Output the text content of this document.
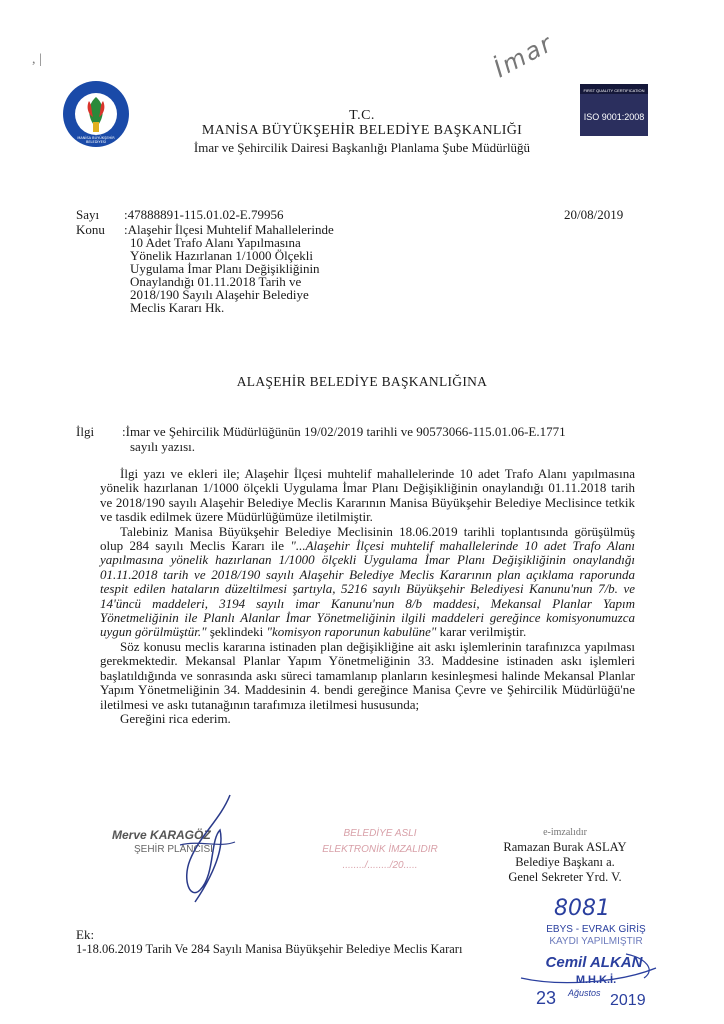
İmar
, |
MANİSA BÜYÜKŞEHİR BELEDİYESİ
FIRST QUALITY CERTIFICATION
ISO 9001:2008
T.C.
MANİSA BÜYÜKŞEHİR BELEDİYE BAŞKANLIĞI
İmar ve Şehircilik Dairesi Başkanlığı Planlama Şube Müdürlüğü
Sayı :47888891-115.01.02-E.79956	20/08/2019
Konu :Alaşehir İlçesi Muhtelif Mahallelerinde
10 Adet Trafo Alanı Yapılmasına
Yönelik Hazırlanan 1/1000 Ölçekli
Uygulama İmar Planı Değişikliğinin
Onaylandığı 01.11.2018 Tarih ve
2018/190 Sayılı Alaşehir Belediye
Meclis Kararı Hk.
ALAŞEHİR BELEDİYE BAŞKANLIĞINA
İlgi :İmar ve Şehircilik Müdürlüğünün 19/02/2019 tarihli ve 90573066-115.01.06-E.1771
sayılı yazısı.

İlgi yazı ve ekleri ile; Alaşehir İlçesi muhtelif mahallelerinde 10 adet Trafo Alanı yapılmasına yönelik hazırlanan 1/1000 ölçekli Uygulama İmar Planı Değişikliğinin onaylandığı 01.11.2018 tarih ve 2018/190 sayılı Alaşehir Belediye Meclis Kararının Manisa Büyükşehir Belediye Meclisince tetkik ve tasdik edilmek üzere Müdürlüğümüze iletilmiştir.

Talebiniz Manisa Büyükşehir Belediye Meclisinin 18.06.2019 tarihli toplantısında görüşülmüş olup 284 sayılı Meclis Kararı ile "...Alaşehir İlçesi muhtelif mahallelerinde 10 adet Trafo Alanı yapılmasına yönelik hazırlanan 1/1000 ölçekli Uygulama İmar Planı Değişikliğinin onaylandığı 01.11.2018 tarih ve 2018/190 sayılı Alaşehir Belediye Meclis Kararının plan açıklama raporunda tespit edilen hataların düzeltilmesi şartıyla, 5216 sayılı Büyükşehir Belediyesi Kanunu'nun 7/b. ve 14'üncü maddeleri, 3194 sayılı imar Kanunu'nun 8/b maddesi, Mekansal Planlar Yapım Yönetmeliğinin ile Planlı Alanlar İmar Yönetmeliğinin ilgili maddeleri gereğince komisyonumuzca uygun görülmüştür." şeklindeki "komisyon raporunun kabulüne" karar verilmiştir.

Söz konusu meclis kararına istinaden plan değişikliğine ait askı işlemlerinin tarafınızca yapılması gerekmektedir. Mekansal Planlar Yapım Yönetmeliğinin 33. Maddesine istinaden askı işlemleri başlatıldığında ve sonrasında askı süreci tamamlanıp planların kesinleşmesi halinde Mekansal Planlar Yapım Yönetmeliğinin 34. Maddesinin 4. bendi gereğince Manisa Çevre ve Şehircilik Müdürlüğü'ne iletilmesi ve askı tutanağının tarafımıza iletilmesi hususunda;

Gereğini rica ederim.

Merve KARAGÖZ
ŞEHİR PLANCISI
BELEDİYE ASLI
ELEKTRONİK İMZALIDIR
......../......../20.....
e-imzalıdır
Ramazan Burak ASLAY
Belediye Başkanı a.
Genel Sekreter Yrd. V.
Ek:
1-18.06.2019 Tarih Ve 284 Sayılı Manisa Büyükşehir Belediye Meclis Kararı
8081
EBYS - EVRAK GİRİŞ
KAYDI YAPILMIŞTIR
Cemil ALKAN
M.H.K.İ.
23 Ağustos 2019
